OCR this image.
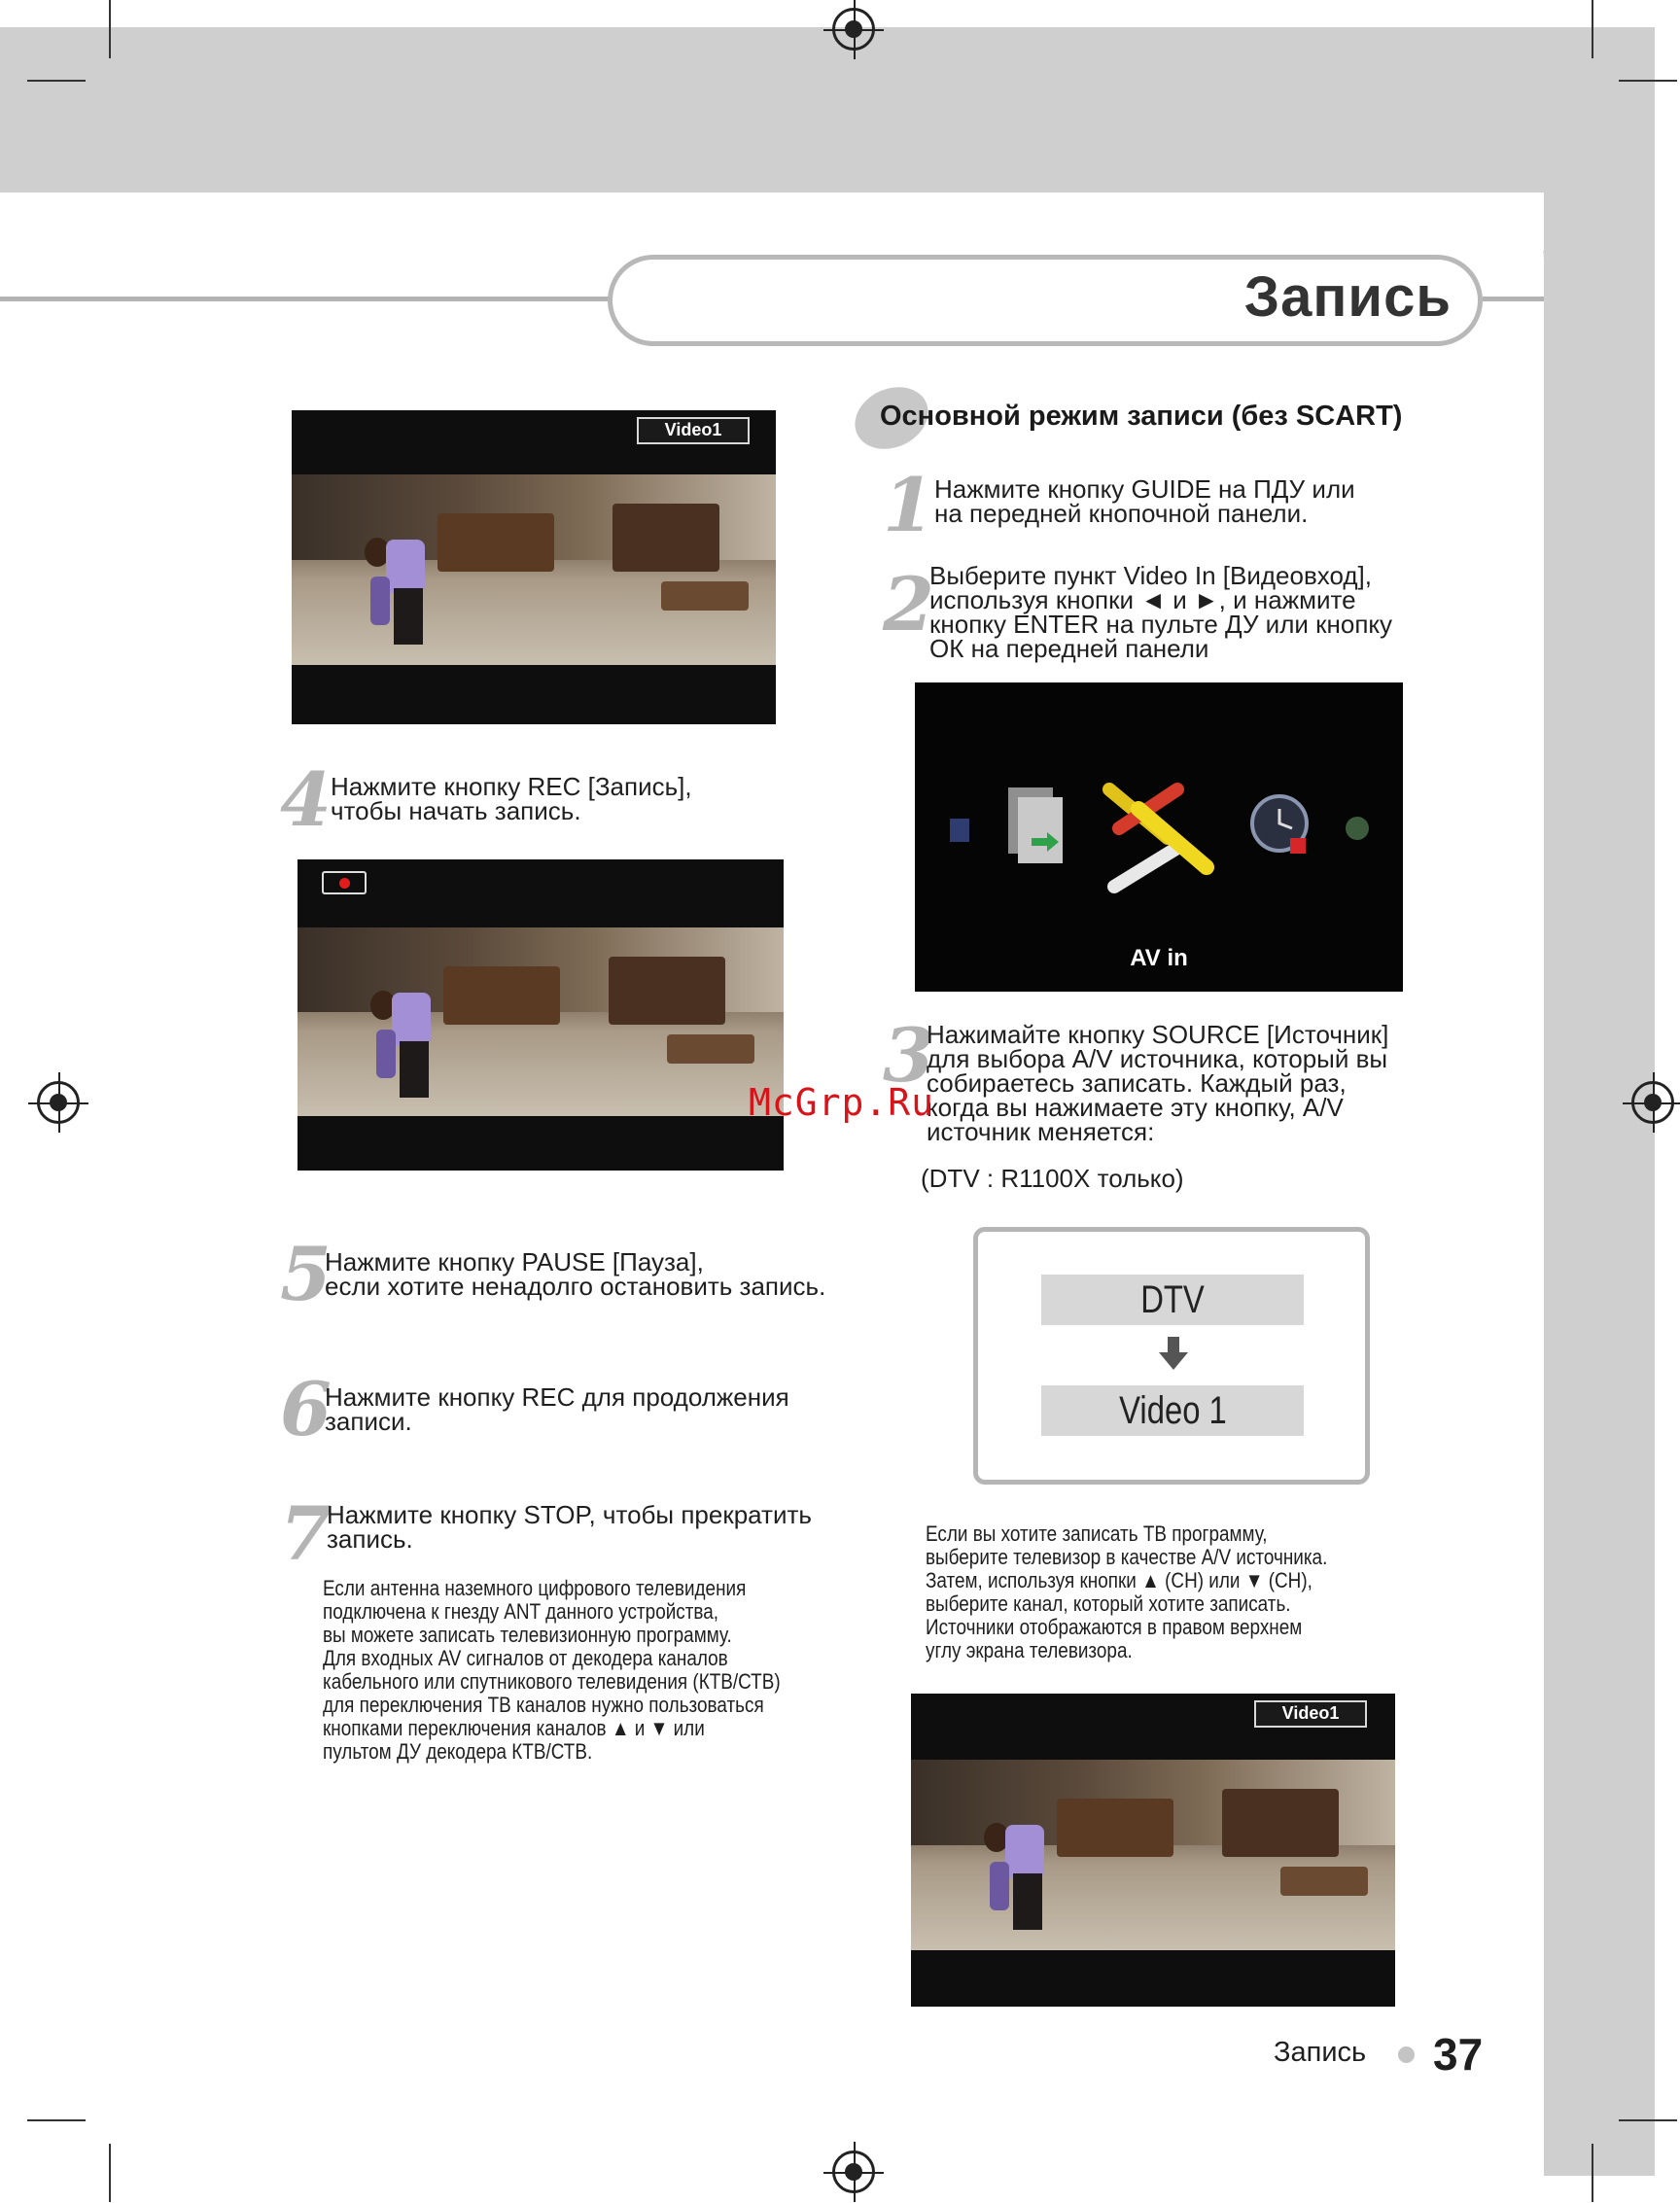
Запись
Video1
4 Нажмите кнопку REC [Запись],
чтобы начать запись.
5
Нажмите кнопку PAUSE [Пауза],
если хотите ненадолго остановить запись.
6
Нажмите кнопку REC для продолжения
записи.
7
Нажмите кнопку STOP, чтобы прекратить
запись.
Если антенна наземного цифрового телевидения
подключена к гнезду ANT данного устройства,
вы можете записать телевизионную программу.
Для входных AV сигналов от декодера каналов
кабельного или спутникового телевидения (КТВ/СТВ)
для переключения ТВ каналов нужно пользоваться
кнопками переключения каналов ▲ и ▼ или
пультом ДУ декодера КТВ/СТВ.
Основной режим записи (без SCART)
1 Нажмите кнопку GUIDE на ПДУ или
на передней кнопочной панели.
2
Выберите пункт Video In [Видеовход],
используя кнопки ◄ и ►, и нажмите
кнопку ENTER на пульте ДУ или кнопку
ОК на передней панели
AV in
3
Нажимайте кнопку SOURCE [Источник]
для выбора A/V источника, который вы
собираетесь записать. Каждый раз,
когда вы нажимаете эту кнопку, A/V
источник меняется:
McGrp.Ru
(DTV : R1100X только)
DTV
Video 1
Если вы хотите записать ТВ программу,
выберите телевизор в качестве A/V источника.
Затем, используя кнопки ▲ (CH) или ▼ (CH),
выберите канал, который хотите записать.
Источники отображаются в правом верхнем
углу экрана телевизора.
Video1
Запись 37
